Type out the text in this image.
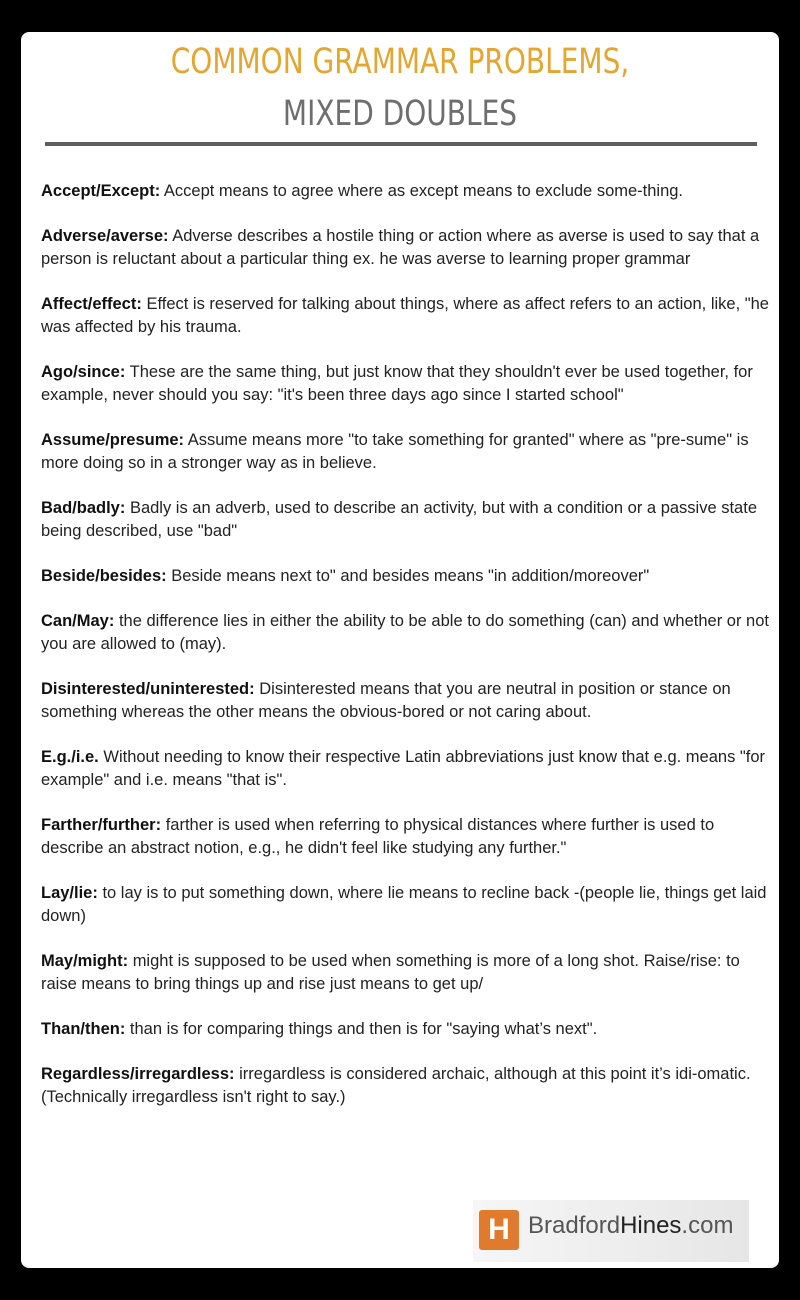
COMMON GRAMMAR PROBLEMS,
MIXED DOUBLES

Accept/Except: Accept means to agree where as except means to exclude some-thing.

Adverse/averse: Adverse describes a hostile thing or action where as averse is used to say that a person is reluctant about a particular thing ex. he was averse to learning proper grammar

Affect/effect: Effect is reserved for talking about things, where as affect refers to an action, like, "he was affected by his trauma.

Ago/since: These are the same thing, but just know that they shouldn't ever be used together, for example, never should you say: "it's been three days ago since I started school"

Assume/presume: Assume means more "to take something for granted" where as "pre-sume" is more doing so in a stronger way as in believe.

Bad/badly: Badly is an adverb, used to describe an activity, but with a condition or a passive state being described, use "bad"

Beside/besides: Beside means next to" and besides means "in addition/moreover"

Can/May: the difference lies in either the ability to be able to do something (can) and whether or not you are allowed to (may).

Disinterested/uninterested: Disinterested means that you are neutral in position or stance on something whereas the other means the obvious-bored or not caring about.

E.g./i.e. Without needing to know their respective Latin abbreviations just know that e.g. means "for example" and i.e. means "that is".

Farther/further: farther is used when referring to physical distances where further is used to describe an abstract notion, e.g., he didn't feel like studying any further."

Lay/lie: to lay is to put something down, where lie means to recline back -(people lie, things get laid down)

May/might: might is supposed to be used when something is more of a long shot. Raise/rise: to raise means to bring things up and rise just means to get up/

Than/then: than is for comparing things and then is for "saying what’s next".

Regardless/irregardless: irregardless is considered archaic, although at this point it’s idi-omatic. (Technically irregardless isn't right to say.)

H BradfordHines.com
